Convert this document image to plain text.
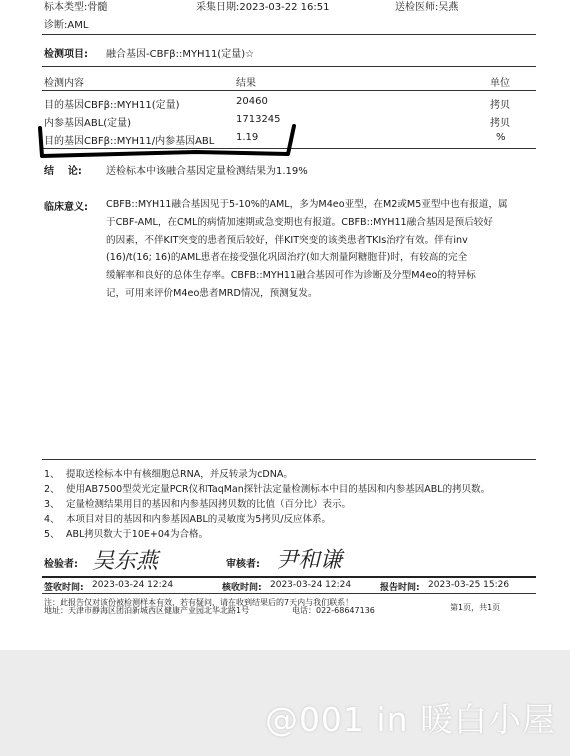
标本类型:骨髓	采集日期:2023-03-22 16:51	送检医师:吴燕
诊断:AML
检测项目: 融合基因-CBFβ::MYH11(定量)☆
检测内容	结果	单位
目的基因CBFβ::MYH11(定量)	20460	拷贝
内参基因ABL(定量)	1713245	拷贝
目的基因CBFβ::MYH11/内参基因ABL 1.19	%
结    论: 送检标本中该融合基因定量检测结果为1.19%
临床意义: CBFB::MYH11融合基因见于5-10%的AML，多为M4eo亚型，在M2或M5亚型中也有报道，属
于CBF-AML，在CML的病情加速期或急变期也有报道。CBFB::MYH11融合基因是预后较好
的因素，不伴KIT突变的患者预后较好，伴KIT突变的该类患者TKIs治疗有效。伴有inv
(16)/t(16; 16)的AML患者在接受强化巩固治疗(如大剂量阿糖胞苷)时，有较高的完全
缓解率和良好的总体生存率。CBFB::MYH11融合基因可作为诊断及分型M4eo的特异标
记，可用来评价M4eo患者MRD情况，预测复发。
1、 提取送检标本中有核细胞总RNA，并反转录为cDNA。
2、 使用AB7500型荧光定量PCR仪和TaqMan探针法定量检测标本中目的基因和内参基因ABL的拷贝数。
3、 定量检测结果用目的基因和内参基因拷贝数的比值（百分比）表示。
4、 本项目对目的基因和内参基因ABL的灵敏度为5拷贝/反应体系。
5、 ABL拷贝数大于10E+04为合格。
检验者: 吴东燕	审核者: 尹和谦
签收时间: 2023-03-24 12:24	核收时间: 2023-03-24 12:24	报告时间: 2023-03-25 15:26
注：此报告仅对该份被检测样本有效，若有疑问，请在收到结果后的7天内与我们联系！
地址：天津市静海区团泊新城西区健康产业园北华北路1号	电话：022-68647136	第1页，共1页
@001 in 暖白小屋
